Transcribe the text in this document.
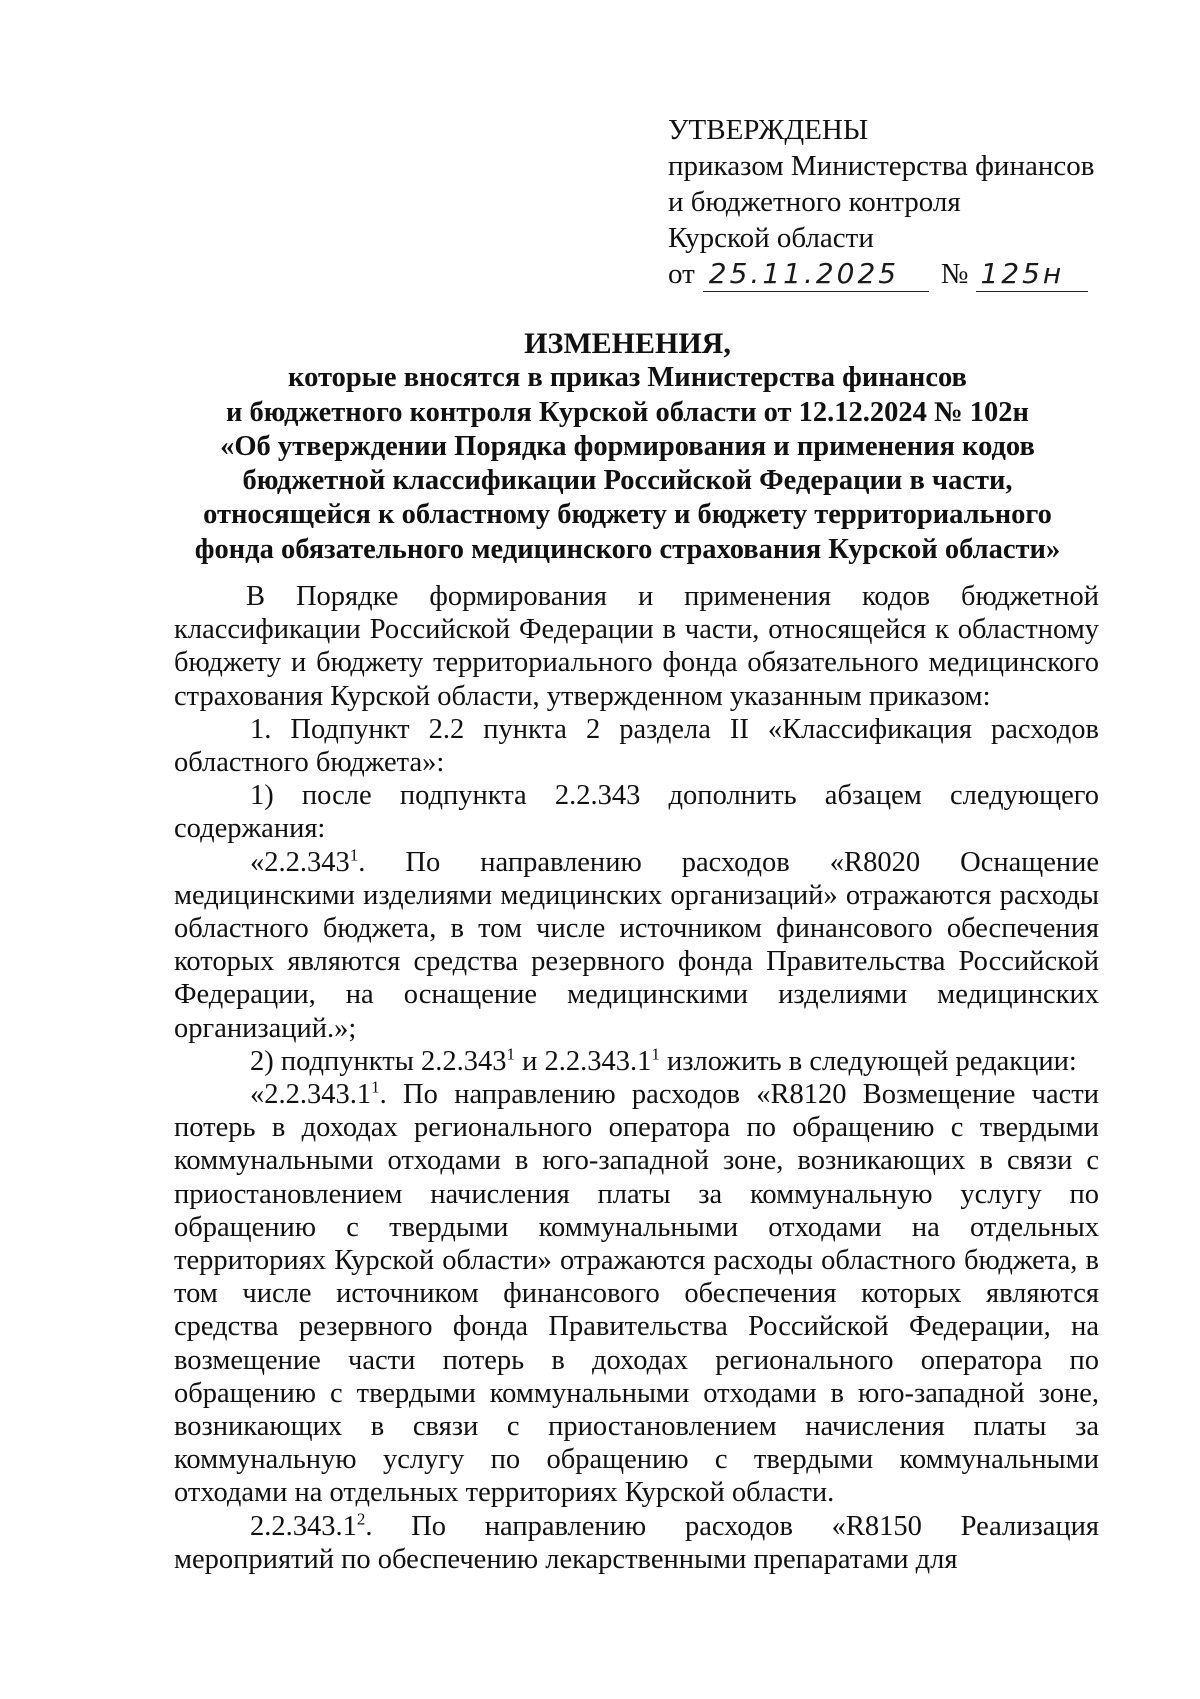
УТВЕРЖДЕНЫ
приказом Министерства финансов
и бюджетного контроля
Курской области
от 25.11.2025	№ 125н
ИЗМЕНЕНИЯ,
которые вносятся в приказ Министерства финансов
и бюджетного контроля Курской области от 12.12.2024 № 102н
«Об утверждении Порядка формирования и применения кодов
бюджетной классификации Российской Федерации в части,
относящейся к областному бюджету и бюджету территориального
фонда обязательного медицинского страхования Курской области»

В Порядке формирования и применения кодов бюджетной классификации Российской Федерации в части, относящейся к областному бюджету и бюджету территориального фонда обязательного медицинского страхования Курской области, утвержденном указанным приказом:

1. Подпункт 2.2 пункта 2 раздела II «Классификация расходов областного бюджета»:

1) после подпункта 2.2.343 дополнить абзацем следующего содержания:

«2.2.343$^1$. По направлению расходов «R8020 Оснащение медицинскими изделиями медицинских организаций» отражаются расходы областного бюджета, в том числе источником финансового обеспечения которых являются средства резервного фонда Правительства Российской Федерации, на оснащение медицинскими изделиями медицинских организаций.»;

2) подпункты 2.2.343$^1$ и 2.2.343.1$^1$ изложить в следующей редакции:

«2.2.343.1$^1$. По направлению расходов «R8120 Возмещение части потерь в доходах регионального оператора по обращению с твердыми коммунальными отходами в юго-западной зоне, возникающих в связи с приостановлением начисления платы за коммунальную услугу по обращению с твердыми коммунальными отходами на отдельных территориях Курской области» отражаются расходы областного бюджета, в том числе источником финансового обеспечения которых являются средства резервного фонда Правительства Российской Федерации, на возмещение части потерь в доходах регионального оператора по обращению с твердыми коммунальными отходами в юго-западной зоне, возникающих в связи с приостановлением начисления платы за коммунальную услугу по обращению с твердыми коммунальными отходами на отдельных территориях Курской области.

2.2.343.1$^2$. По направлению расходов «R8150 Реализация мероприятий по обеспечению лекарственными препаратами для
